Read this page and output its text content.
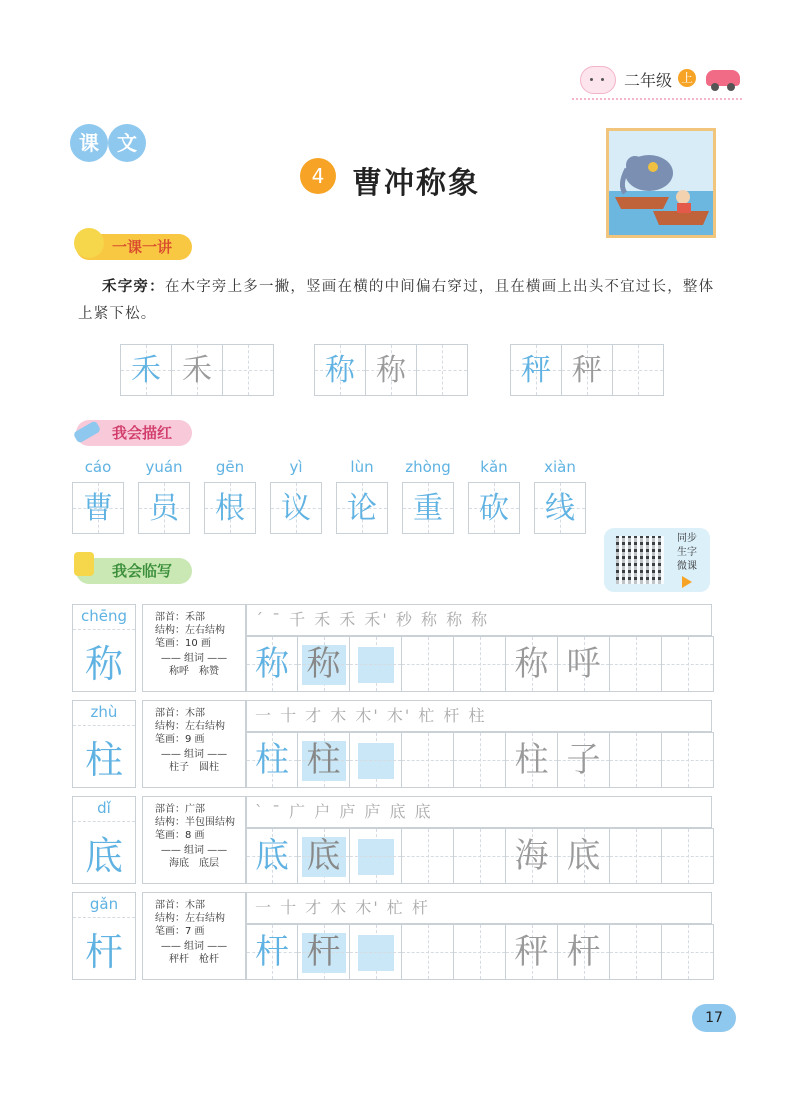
二年级 上
课 文
4 曹冲称象
一课一讲
禾字旁：在木字旁上多一撇，竖画在横的中间偏右穿过，且在横画上出头不宜过长，整体上紧下松。
禾 禾	称 称	秤 秤
我会描红
cáo
曹
yuán
员
gēn
根
yì
议
lùn
论
zhòng
重
kǎn
砍
xiàn
线
同步
生字
微课
我会临写
chēng
称
部首：禾部
结构：左右结构
笔画：10 画
—— 组词 ——
称呼　称赞
´ ˉ 千 禾 禾 禾' 秒 称 称 称
称 称	称 呼
zhù
柱
部首：木部
结构：左右结构
笔画：9 画
—— 组词 ——
柱子　圆柱
一 十 才 木 木' 木' 杧 杆 柱
柱 柱	柱 子
dǐ
底
部首：广部
结构：半包围结构
笔画：8 画
—— 组词 ——
海底　底层
` ˉ 广 户 庐 庐 底 底
底 底	海 底
gǎn
杆
部首：木部
结构：左右结构
笔画：7 画
—— 组词 ——
秤杆　枪杆
一 十 才 木 木' 杧 杆
杆 杆	秤 杆
17
